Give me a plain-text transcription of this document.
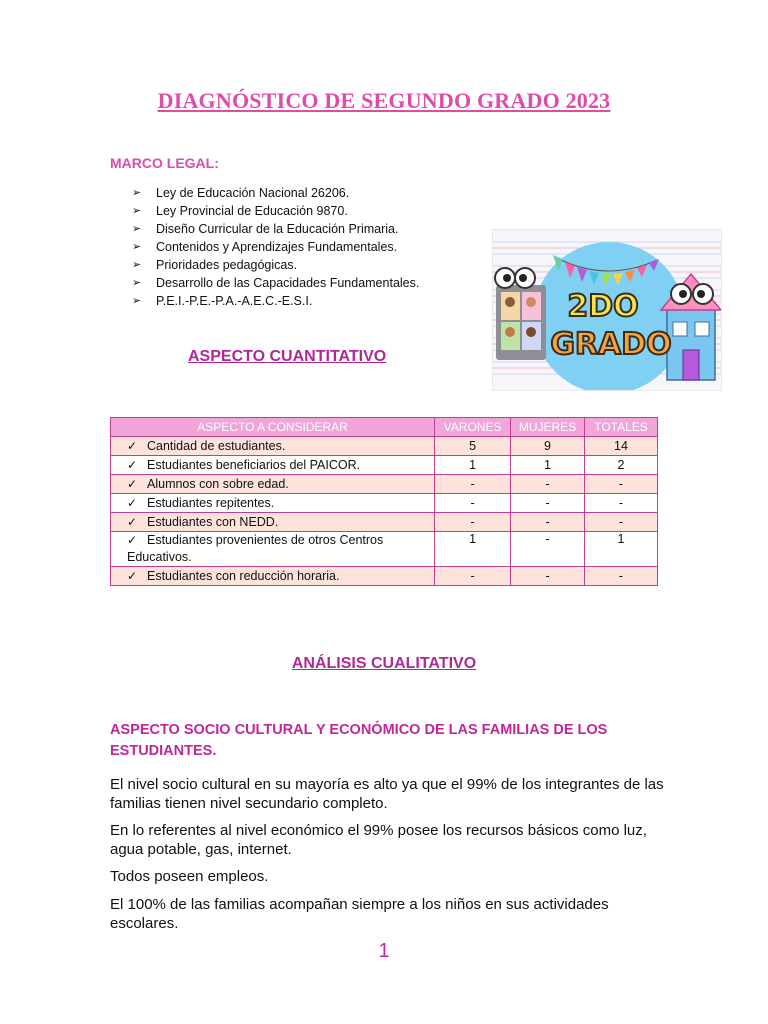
DIAGNÓSTICO DE SEGUNDO GRADO 2023
MARCO LEGAL:
➢	Ley de Educación Nacional 26206.
➢	Ley Provincial de Educación 9870.
➢	Diseño Curricular de la Educación Primaria.
➢	Contenidos y Aprendizajes Fundamentales.
➢	Prioridades pedagógicas.
➢	Desarrollo de las Capacidades Fundamentales.
➢	P.E.I.-P.E.-P.A.-A.E.C.-E.S.I.
ASPECTO CUANTITATIVO
2DO
GRADO
ASPECTO A CONSIDERAR	VARONES	MUJERES	TOTALES
✓ Cantidad de estudiantes.	5	9	14
✓ Estudiantes beneficiarios del PAICOR.	1	1	2
✓ Alumnos con sobre edad.	-	-	-
✓ Estudiantes repitentes.	-	-	-
✓ Estudiantes con NEDD.	-	-	-
✓ Estudiantes provenientes de otros Centros Educativos.	1	-	1
✓ Estudiantes con reducción horaria.	-	-	-
ANÁLISIS CUALITATIVO
ASPECTO SOCIO CULTURAL Y ECONÓMICO DE LAS FAMILIAS DE LOS ESTUDIANTES.

El nivel socio cultural en su mayoría es alto ya que el 99% de los integrantes de las familias tienen nivel secundario completo.

En lo referentes al nivel económico el 99% posee los recursos básicos como luz, agua potable, gas, internet.

Todos poseen empleos.

El 100% de las familias acompañan siempre a los niños en sus actividades escolares.

1
